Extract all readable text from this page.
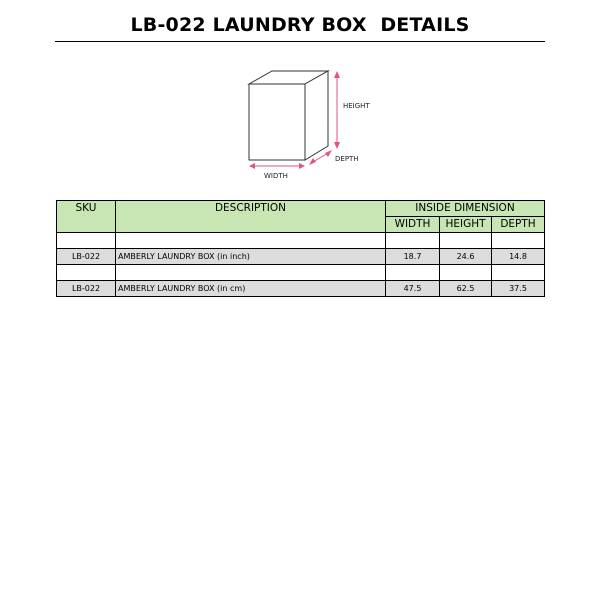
LB-022 LAUNDRY BOX  DETAILS
HEIGHT
DEPTH
WIDTH
SKU	DESCRIPTION	INSIDE DIMENSION		
		WIDTH	HEIGHT	DEPTH

LB-022	AMBERLY LAUNDRY BOX (in inch)	18.7	24.6	14.8

LB-022	AMBERLY LAUNDRY BOX (in cm)	47.5	62.5	37.5
